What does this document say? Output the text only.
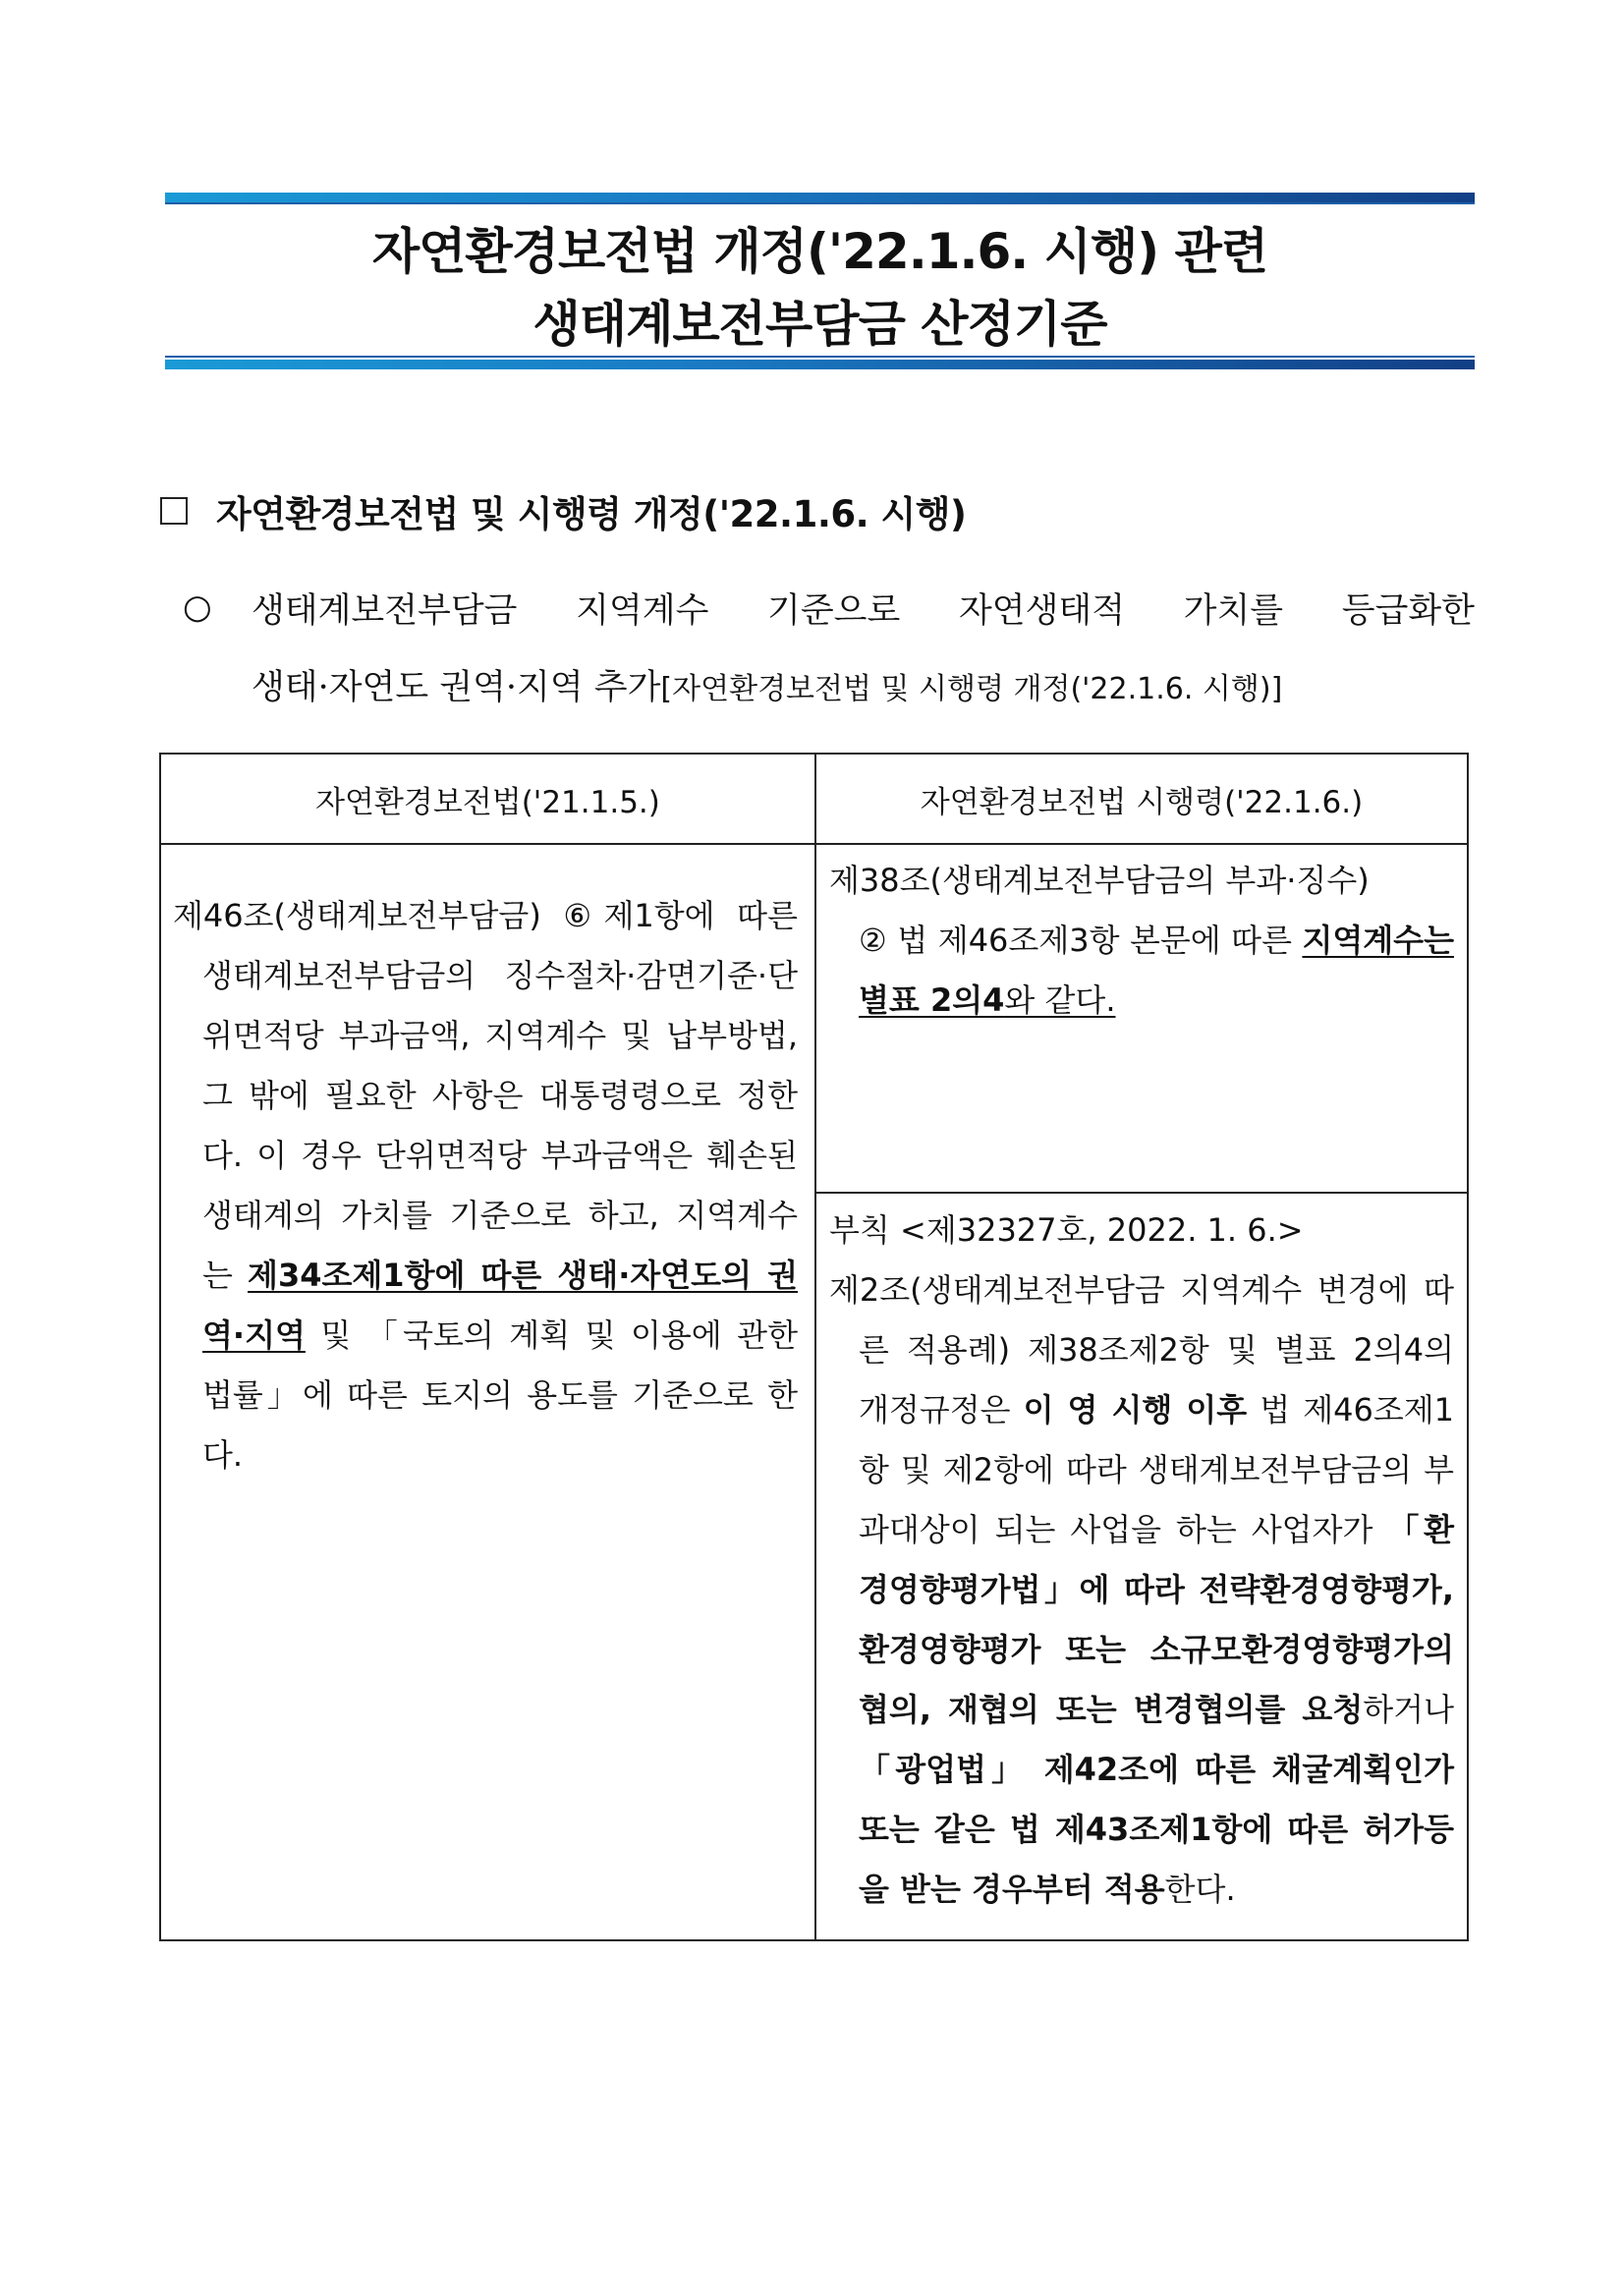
자연환경보전법 개정('22.1.6. 시행) 관련
생태계보전부담금 산정기준
자연환경보전법 및 시행령 개정('22.1.6. 시행)
○ 생태계보전부담금 지역계수 기준으로 자연생태적 가치를 등급화한
생태·자연도 권역·지역 추가[자연환경보전법 및 시행령 개정('22.1.6. 시행)]
자연환경보전법('21.1.5.)	자연환경보전법 시행령('22.1.6.)

제46조(생태계보전부담금) ⑥제1항에 따른 생태계보전부담금의 징수절차·감면기준·단위면적당 부과금액, 지역계수 및 납부방법, 그 밖에 필요한 사항은 대통령령으로 정한다. 이 경우 단위면적당 부과금액은 훼손된 생태계의 가치를 기준으로 하고, 지역계수는 제34조제1항에 따른 생태·자연도의 권역·지역 및 「국토의 계획 및 이용에 관한 법률」에 따른 토지의 용도를 기준으로 한다.

제38조(생태계보전부담금의 부과·징수)

② 법 제46조제3항 본문에 따른 지역계수는 별표 2의4와 같다.

부칙 <제32327호, 2022. 1. 6.>

제2조(생태계보전부담금 지역계수 변경에 따른 적용례) 제38조제2항 및 별표 2의4의 개정규정은 이 영 시행 이후 법 제46조제1항 및 제2항에 따라 생태계보전부담금의 부과대상이 되는 사업을 하는 사업자가 「환경영향평가법」에 따라 전략환경영향평가, 환경영향평가 또는 소규모환경영향평가의 협의, 재협의 또는 변경협의를 요청하거나 「광업법」 제42조에 따른 채굴계획인가 또는 같은 법 제43조제1항에 따른 허가등을 받는 경우부터 적용한다.
